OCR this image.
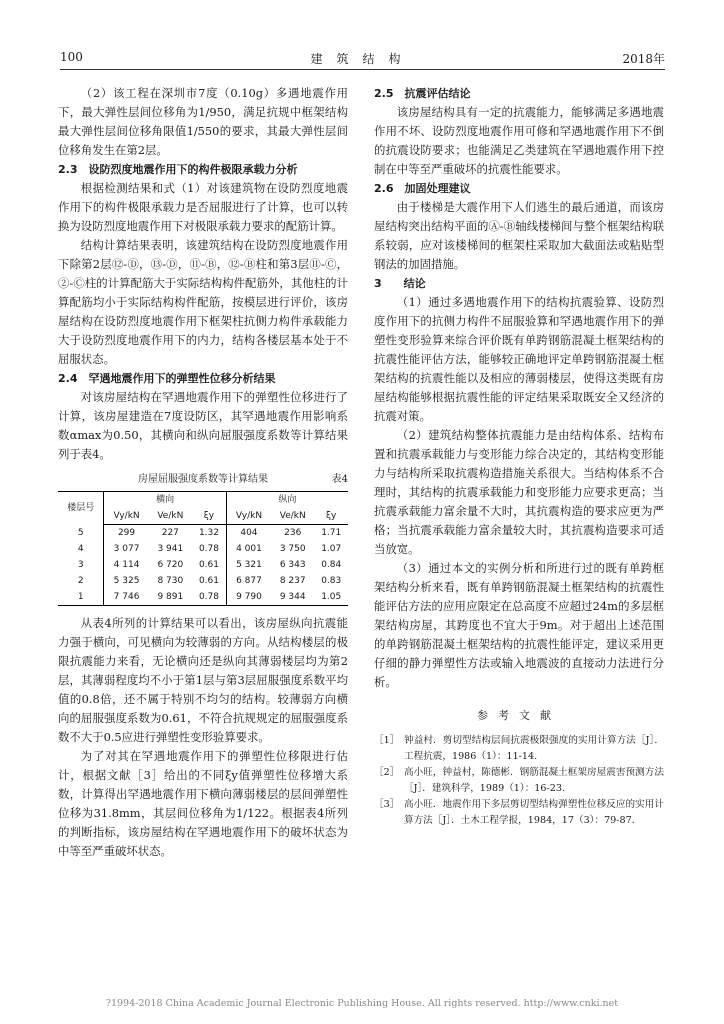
100	建筑结构	2018年

（2）该工程在深圳市7度（0.10g）多遇地震作用下，最大弹性层间位移角为1/950，满足抗规中框架结构最大弹性层间位移角限值1/550的要求，其最大弹性层间位移角发生在第2层。

2.3　设防烈度地震作用下的构件极限承载力分析

根据检测结果和式（1）对该建筑物在设防烈度地震作用下的构件极限承载力是否屈服进行了计算，也可以转换为设防烈度地震作用下对极限承载力要求的配筋计算。

结构计算结果表明，该建筑结构在设防烈度地震作用下除第2层⑫-Ⓓ，⑬-Ⓓ，⑪-Ⓑ，⑫-Ⓑ柱和第3层⑪-Ⓒ，②-Ⓒ柱的计算配筋大于实际结构构件配筋外，其他柱的计算配筋均小于实际结构构件配筋，按模层进行评价，该房屋结构在设防烈度地震作用下框架柱抗侧力构件承载能力大于设防烈度地震作用下的内力，结构各楼层基本处于不屈服状态。

2.4　罕遇地震作用下的弹塑性位移分析结果

对该房屋结构在罕遇地震作用下的弹塑性位移进行了计算，该房屋建造在7度设防区，其罕遇地震作用影响系数αmax为0.50，其横向和纵向屈服强度系数等计算结果列于表4。

房屋屈服强度系数等计算结果	表4
楼层号	横向			纵向		
	Vy/kN	Ve/kN	ξy	Vy/kN	Ve/kN	ξy
5	299	227	1.32	404	236	1.71
4	3 077	3 941	0.78	4 001	3 750	1.07
3	4 114	6 720	0.61	5 321	6 343	0.84
2	5 325	8 730	0.61	6 877	8 237	0.83
1	7 746	9 891	0.78	9 790	9 344	1.05

从表4所列的计算结果可以看出，该房屋纵向抗震能力强于横向，可见横向为较薄弱的方向。从结构楼层的极限抗震能力来看，无论横向还是纵向其薄弱楼层均为第2层，其薄弱程度均不小于第1层与第3层屈服强度系数平均值的0.8倍，还不属于特别不均匀的结构。较薄弱方向横向的屈服强度系数为0.61，不符合抗规规定的屈服强度系数不大于0.5应进行弹塑性变形验算要求。

为了对其在罕遇地震作用下的弹塑性位移限进行估计，根据文献［3］给出的不同ξy值弹塑性位移增大系数，计算得出罕遇地震作用下横向薄弱楼层的层间弹塑性位移为31.8mm，其层间位移角为1/122。根据表4所列的判断指标，该房屋结构在罕遇地震作用下的破坏状态为中等至严重破坏状态。

2.5　抗震评估结论

该房屋结构具有一定的抗震能力，能够满足多遇地震作用不坏、设防烈度地震作用可修和罕遇地震作用下不倒的抗震设防要求；也能满足乙类建筑在罕遇地震作用下控制在中等至严重破坏的抗震性能要求。

2.6　加固处理建议

由于楼梯是大震作用下人们逃生的最后通道，而该房屋结构突出结构平面的Ⓐ-Ⓑ轴线楼梯间与整个框架结构联系较弱，应对该楼梯间的框架柱采取加大截面法或粘贴型钢法的加固措施。

3　　结论

（1）通过多遇地震作用下的结构抗震验算、设防烈度作用下的抗侧力构件不屈服验算和罕遇地震作用下的弹塑性变形验算来综合评价既有单跨钢筋混凝土框架结构的抗震性能评估方法，能够较正确地评定单跨钢筋混凝土框架结构的抗震性能以及相应的薄弱楼层，使得这类既有房屋结构能够根据抗震性能的评定结果采取既安全又经济的抗震对策。

（2）建筑结构整体抗震能力是由结构体系、结构布置和抗震承载能力与变形能力综合决定的，其结构变形能力与结构所采取抗震构造措施关系很大。当结构体系不合理时，其结构的抗震承载能力和变形能力应要求更高；当抗震承载能力富余量不大时，其抗震构造的要求应更为严格；当抗震承载能力富余量较大时，其抗震构造要求可适当放宽。

（3）通过本文的实例分析和所进行过的既有单跨框架结构分析来看，既有单跨钢筋混凝土框架结构的抗震性能评估方法的应用应限定在总高度不应超过24m的多层框架结构房屋，其跨度也不宜大于9m。对于超出上述范围的单跨钢筋混凝土框架结构的抗震性能评定，建议采用更仔细的静力弹塑性方法或输入地震波的直接动力法进行分析。

参考文献

［1］ 钟益村．剪切型结构层间抗震极限强度的实用计算方法［J］．工程抗震，1986（1）：11-14.

［2］ 高小旺，钟益村，陈德彬．钢筋混凝土框架房屋震害预测方法［J］．建筑科学，1989（1）：16-23.

［3］ 高小旺．地震作用下多层剪切型结构弹塑性位移反应的实用计算方法［J］．土木工程学报，1984，17（3）：79-87.

?1994-2018 China Academic Journal Electronic Publishing House. All rights reserved. http://www.cnki.net
